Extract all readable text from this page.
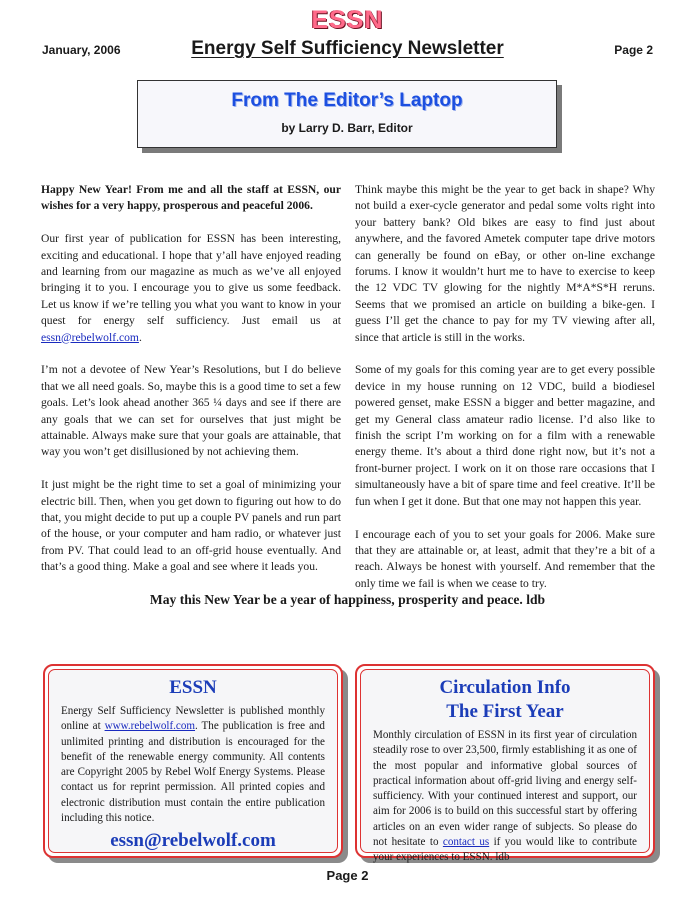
ESSN
January, 2006	Energy Self Sufficiency Newsletter	Page 2
From The Editor’s Laptop
by Larry D. Barr, Editor

Happy New Year! From me and all the staff at ESSN, our wishes for a very happy, prosperous and peaceful 2006.

Our first year of publication for ESSN has been interesting, exciting and educational. I hope that y’all have enjoyed reading and learning from our magazine as much as we’ve all enjoyed bringing it to you. I encourage you to give us some feedback. Let us know if we’re telling you what you want to know in your quest for energy self sufficiency. Just email us at essn@rebelwolf.com.

I’m not a devotee of New Year’s Resolutions, but I do believe that we all need goals. So, maybe this is a good time to set a few goals. Let’s look ahead another 365 ¼ days and see if there are any goals that we can set for ourselves that just might be attainable. Always make sure that your goals are attainable, that way you won’t get disillusioned by not achieving them.

It just might be the right time to set a goal of minimizing your electric bill. Then, when you get down to figuring out how to do that, you might decide to put up a couple PV panels and run part of the house, or your computer and ham radio, or whatever just from PV. That could lead to an off-grid house eventually. And that’s a good thing. Make a goal and see where it leads you.

Think maybe this might be the year to get back in shape? Why not build a exer-cycle generator and pedal some volts right into your battery bank? Old bikes are easy to find just about anywhere, and the favored Ametek computer tape drive motors can generally be found on eBay, or other on-line exchange forums. I know it wouldn’t hurt me to have to exercise to keep the 12 VDC TV glowing for the nightly M*A*S*H reruns. Seems that we promised an article on building a bike-gen. I guess I’ll get the chance to pay for my TV viewing after all, since that article is still in the works.

Some of my goals for this coming year are to get every possible device in my house running on 12 VDC, build a biodiesel powered genset, make ESSN a bigger and better magazine, and get my General class amateur radio license. I’d also like to finish the script I’m working on for a film with a renewable energy theme. It’s about a third done right now, but it’s not a front-burner project. I work on it on those rare occasions that I simultaneously have a bit of spare time and feel creative. It’ll be fun when I get it done. But that one may not happen this year.

I encourage each of you to set your goals for 2006. Make sure that they are attainable or, at least, admit that they’re a bit of a reach. Always be honest with yourself. And remember that the only time we fail is when we cease to try.

May this New Year be a year of happiness, prosperity and peace. ldb
ESSN

Energy Self Sufficiency Newsletter is published monthly online at www.rebelwolf.com. The publication is free and unlimited printing and distribution is encouraged for the benefit of the renewable energy community. All contents are Copyright 2005 by Rebel Wolf Energy Systems. Please contact us for reprint permission. All printed copies and electronic distribution must contain the entire publication including this notice.

essn@rebelwolf.com
Circulation Info
The First Year

Monthly circulation of ESSN in its first year of circulation steadily rose to over 23,500, firmly establishing it as one of the most popular and informative global sources of practical information about off-grid living and energy self-sufficiency. With your continued interest and support, our aim for 2006 is to build on this successful start by offering articles on an even wider range of subjects. So please do not hesitate to contact us if you would like to contribute your experiences to ESSN. ldb

Page 2
